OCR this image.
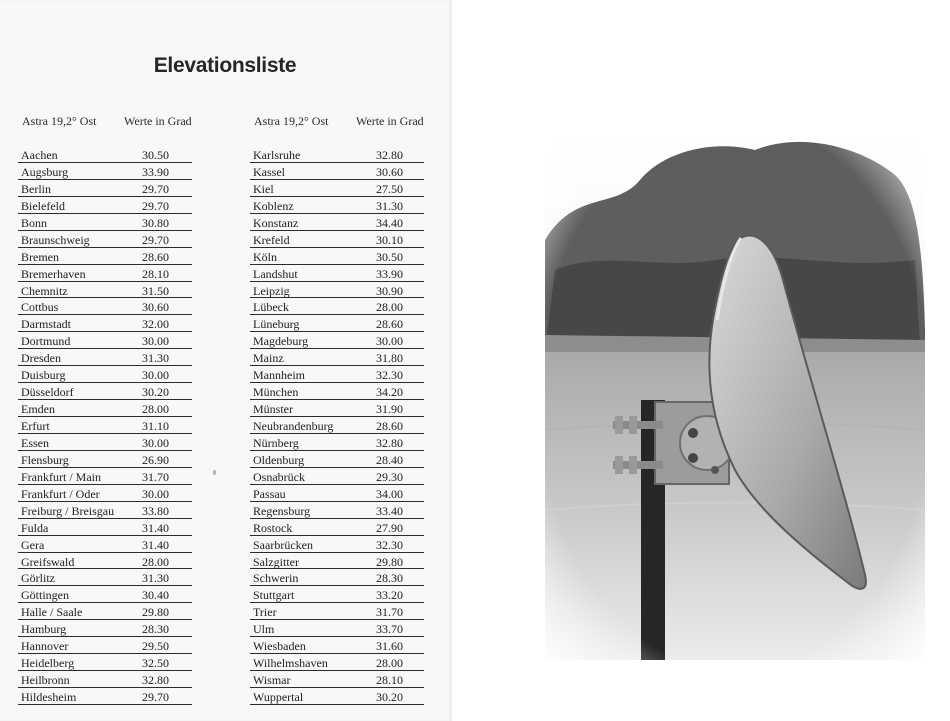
Elevationsliste
Astra 19,2° Ost Werte in Grad
Aachen	30.50
Augsburg	33.90
Berlin	29.70
Bielefeld	29.70
Bonn	30.80
Braunschweig	29.70
Bremen	28.60
Bremerhaven	28.10
Chemnitz	31.50
Cottbus	30.60
Darmstadt	32.00
Dortmund	30.00
Dresden	31.30
Duisburg	30.00
Düsseldorf	30.20
Emden	28.00
Erfurt	31.10
Essen	30.00
Flensburg	26.90
Frankfurt / Main	31.70
Frankfurt / Oder	30.00
Freiburg / Breisgau 33.80
Fulda	31.40
Gera	31.40
Greifswald	28.00
Görlitz	31.30
Göttingen	30.40
Halle / Saale	29.80
Hamburg	28.30
Hannover	29.50
Heidelberg	32.50
Heilbronn	32.80
Hildesheim	29.70
Astra 19,2° Ost Werte in Grad
Karlsruhe	32.80
Kassel	30.60
Kiel	27.50
Koblenz	31.30
Konstanz	34.40
Krefeld	30.10
Köln	30.50
Landshut	33.90
Leipzig	30.90
Lübeck	28.00
Lüneburg	28.60
Magdeburg	30.00
Mainz	31.80
Mannheim	32.30
München	34.20
Münster	31.90
Neubrandenburg	28.60
Nürnberg	32.80
Oldenburg	28.40
Osnabrück	29.30
Passau	34.00
Regensburg	33.40
Rostock	27.90
Saarbrücken	32.30
Salzgitter	29.80
Schwerin	28.30
Stuttgart	33.20
Trier	31.70
Ulm	33.70
Wiesbaden	31.60
Wilhelmshaven	28.00
Wismar	28.10
Wuppertal	30.20
